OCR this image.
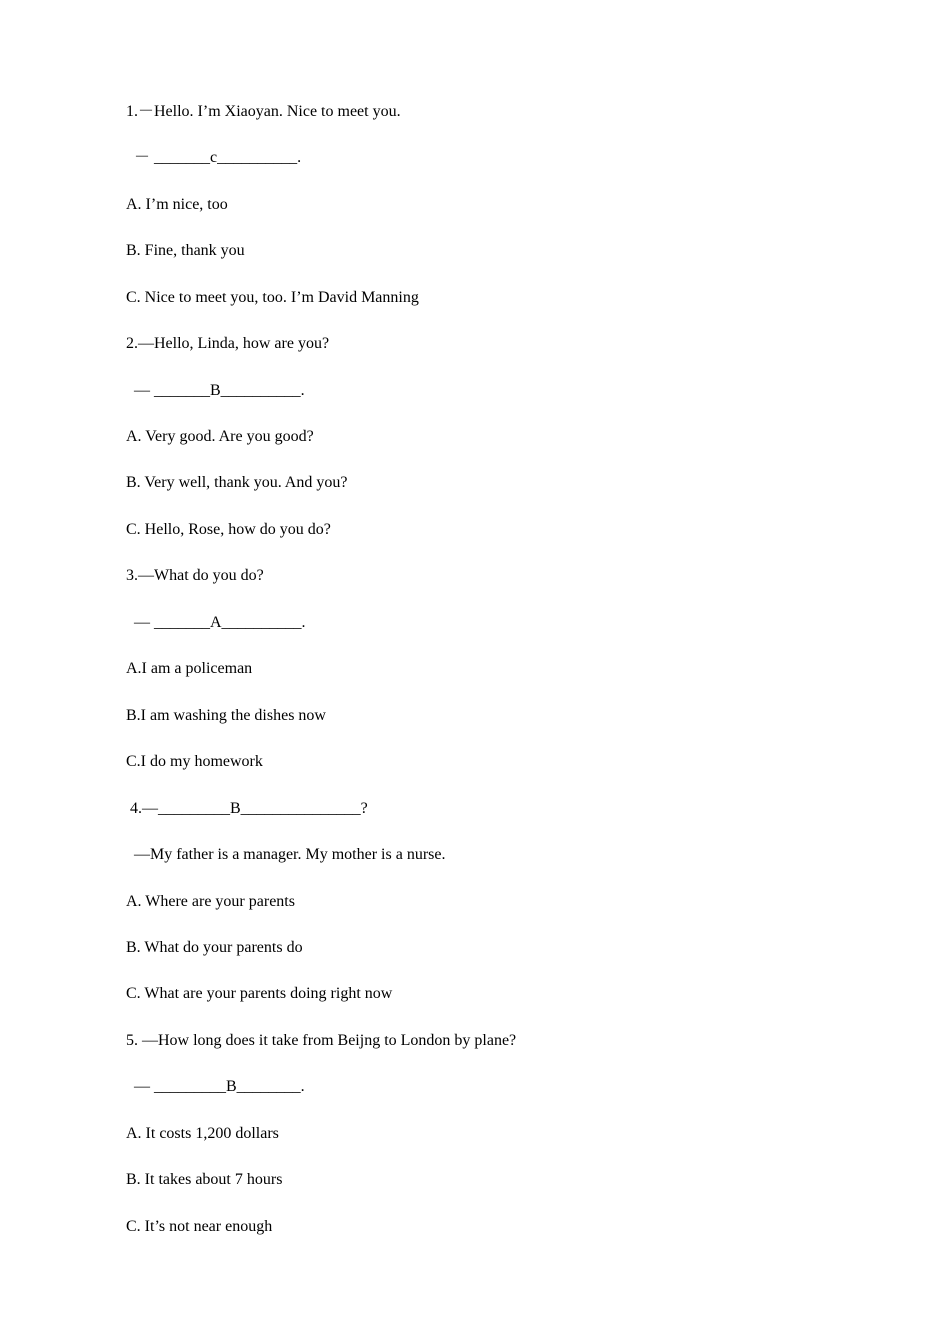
1.－Hello. I’m Xiaoyan. Nice to meet you.
－ _______c__________.
A. I’m nice, too
B. Fine, thank you
C. Nice to meet you, too. I’m David Manning
2.—Hello, Linda, how are you?
— _______B__________.
A. Very good. Are you good?
B. Very well, thank you. And you?
C. Hello, Rose, how do you do?
3.—What do you do?
— _______A__________.
A.I am a policeman
B.I am washing the dishes now
C.I do my homework
4.—_________B_______________?
—My father is a manager. My mother is a nurse.
A. Where are your parents
B. What do your parents do
C. What are your parents doing right now
5. —How long does it take from Beijng to London by plane?
— _________B________.
A. It costs 1,200 dollars
B. It takes about 7 hours
C. It’s not near enough
